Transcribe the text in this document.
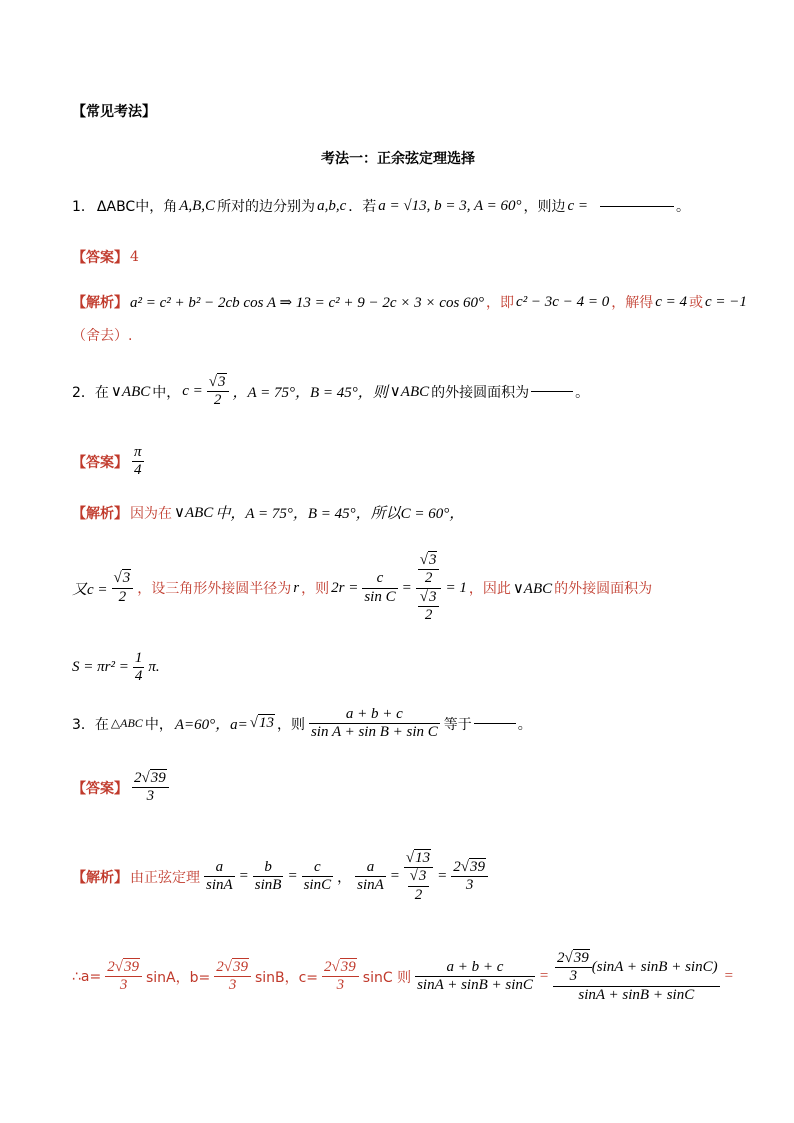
【常见考法】
考法一：正余弦定理选择
1． ΔABC中，角 A,B,C 所对的边分别为 a,b,c ．若 a = √13, b = 3, A = 60° ，则边 c =	。
【答案】 4
【解析】 a² = c² + b² − 2cb cos A ⇒ 13 = c² + 9 − 2c × 3 × cos 60° ，即 c² − 3c − 4 = 0 ，解得 c = 4 或 c = −1
（舍去）.
2．在 ∨ABC 中， $c = \frac{√3}{2}$ ，A = 75°，B = 45°，则 ∨ABC 的外接圆面积为	。
【答案】 $\frac{\pi}{4}$
【解析】 因为在 ∨ABC 中，A = 75°，B = 45°，所以C = 60°，
又$c = \frac{√3}{2}$ ，设三角形外接圆半径为 r ，则 $2r = \frac{c}{\text{sin C}} = \frac{\frac{√3}{2}}{\frac{√3}{2}} = 1$ ，因此 ∨ABC 的外接圆面积为
$S = \pi r^2 = \frac{1}{4} \pi$.
3．在 △ABC 中， A=60°，a= √13 ，则 $\frac{a + b + c}{\text{sin A + sin B + sin C}}$ 等于	。
【答案】 $\frac{2√39}{3}$
【解析】 由正弦定理 $\frac{a}{\sin A} = \frac{b}{\sin B} = \frac{c}{\sin C}$ ， $\frac{a}{\sin A} = \frac{√13}{\frac{√3}{2}} = \frac{2√39}{3}$
∴a= $\frac{2√39}{3}$ sinA，$b= \frac{2√39}{3}$ sinB，$c= \frac{2√39}{3}$ sinC 则 $\frac{a + b + c}{\sin A + \sin B + \sin C} = \frac{\frac{2√39}{3} (\sin A + \sin B + \sin C)}{\sin A + \sin B + \sin C}$ =
